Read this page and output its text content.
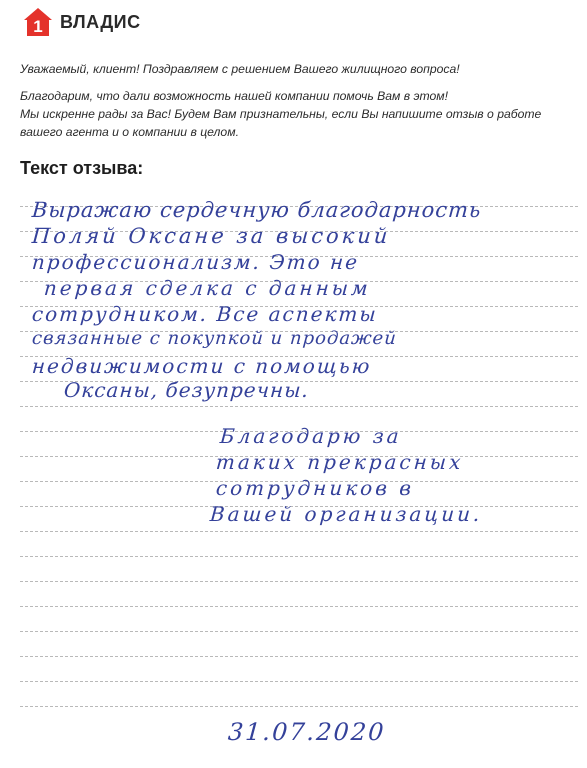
1 ВЛАДИС

Уважаемый, клиент! Поздравляем с решением Вашего жилищного вопроса!

Благодарим, что дали возможность нашей компании помочь Вам в этом!

Мы искренне рады за Вас! Будем Вам признательны, если Вы напишите отзыв о работе

вашего агента и о компании в целом.

Текст отзыва:
Выражаю сердечную благодарность
Поляй Оксане за высокий
профессионализм. Это не
первая сделка с данным
сотрудником. Все аспекты
связанные с покупкой и продажей
недвижимости с помощью
Оксаны, безупречны.
Благодарю за
таких прекрасных
сотрудников в
Вашей организации.
31.07.2020
